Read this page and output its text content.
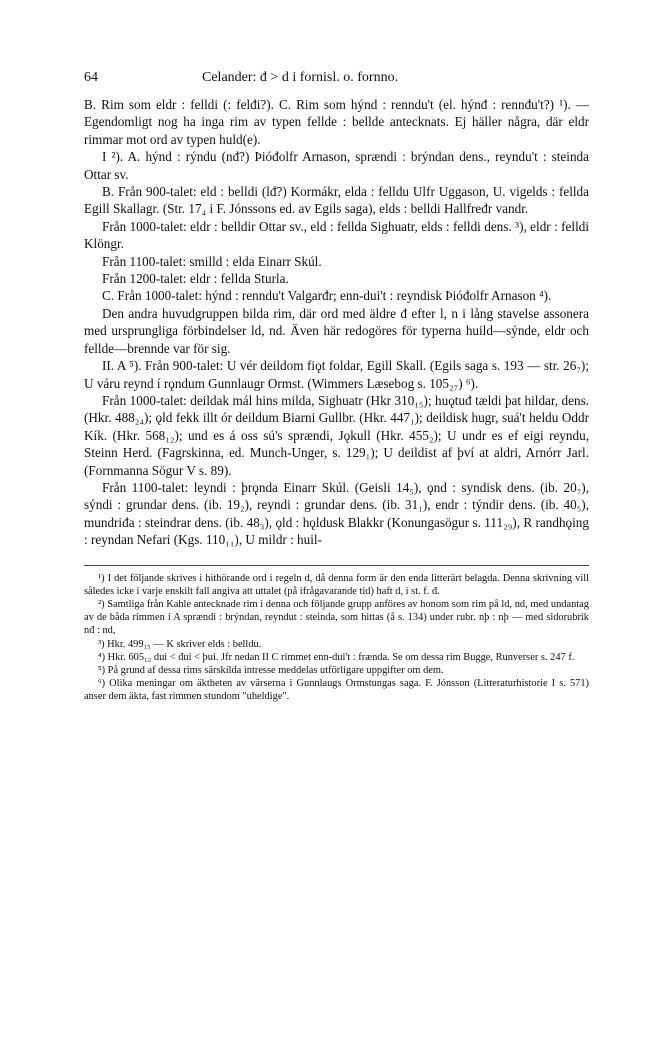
64	Celander: đ > d i fornisl. o. fornno.

B. Rim som eldr : felldi (: felđi?). C. Rim som hýnd : renndu't (el. hýnđ : rennđu't?) ¹). — Egendomligt nog ha inga rim av typen fellde : bellde antecknats. Ej häller några, där eldr rimmar mot ord av typen huld(e).

I ²). A. hýnd : rýndu (nđ?) Þióđolfr Arnason, sprændi : brýndan dens., reyndu't : steinda Ottar sv.

B. Från 900-talet: eld : belldi (lđ?) Kormákr, elda : felldu Ulfr Uggason, U. vigelds : fellda Egill Skallagr. (Str. 17₄ i F. Jónssons ed. av Egils saga), elds : belldi Hallfređr vandr.

Från 1000-talet: eldr : belldir Ottar sv., eld : fellda Sighuatr, elds : felldi dens. ³), eldr : felldi Klöngr.

Från 1100-talet: smilld : elda Einarr Skúl.

Från 1200-talet: eldr : fellda Sturla.

C. Från 1000-talet: hýnd : renndu't Valgarđr; enn-dui't : reyndisk Þióđolfr Arnason ⁴).

Den andra huvudgruppen bilda rim, där ord med äldre đ efter l, n i lång stavelse assonera med ursprungliga förbindelser ld, nd. Även här redogöres för typerna huild—sýnde, eldr och fellde—brennde var för sig.

II. A ⁵). Från 900-talet: U vér deildom fiǫt foldar, Egill Skall. (Egils saga s. 193 — str. 26₇); U váru reynd í rǫndum Gunnlaugr Ormst. (Wimmers Læsebog s. 105₂₇) ⁶).

Från 1000-talet: deildak mál hins milda, Sighuatr (Hkr 310₁₅); huǫtuđ tældi þat hildar, dens. (Hkr. 488₂₄); ǫld fekk illt ór deildum Biarni Gullbr. (Hkr. 447₁); deildisk hugr, suá't heldu Oddr Kík. (Hkr. 568₁₂); und es á oss sú's sprændi, Jǫkull (Hkr. 455₂); U undr es ef eigi reyndu, Steinn Herd. (Fagrskinna, ed. Munch-Unger, s. 129₁); U deildist af því at aldri, Arnórr Jarl. (Fornmanna Sögur V s. 89).

Från 1100-talet: leyndi : þrǫnda Einarr Skúl. (Geisli 14₅), ǫnd : syndisk dens. (ib. 20₇), sýndi : grundar dens. (ib. 19₂), reyndi : grundar dens. (ib. 31₁), endr : týndir dens. (ib. 40₅), mundriđa : steindrar dens. (ib. 48₃), ǫld : hǫldusk Blakkr (Konungasögur s. 111₂₉), R randhǫing : reyndan Nefari (Kgs. 110₁₁), U mildr : huil-

¹) I det följande skrives i hithörande ord i regeln d, då denna form är den enda litterärt belagda. Denna skrivning vill således icke i varje enskilt fall angiva att uttalet (på ifrågavarande tid) haft d, i st. f. đ.

²) Samtliga från Kahle antecknade rim i denna och följande grupp anföres av honom som rim på ld, nd, med undantag av de båda rimmen i A sprændi : brýndan, reyndut : steinda, som hittas (å s. 134) under rubr. nþ : nþ — med sidorubrik nđ : nd,

³) Hkr. 499₁₅ — K skriver elds : belldu.

⁴) Hkr. 605₁₂ dui < đui < þui. Jfr nedan II C rimmet enn-dui't : frænda. Se om dessa rim Bugge, Runverser s. 247 f.

⁵) På grund af dessa rims särskilda intresse meddelas utförligare uppgifter om dem.

⁶) Olika meningar om äktheten av värserna i Gunnlaugs Ormstungas saga. F. Jónsson (Litteraturhistorie I s. 571) anser dem äkta, fast rimmen stundom "uheldige".
